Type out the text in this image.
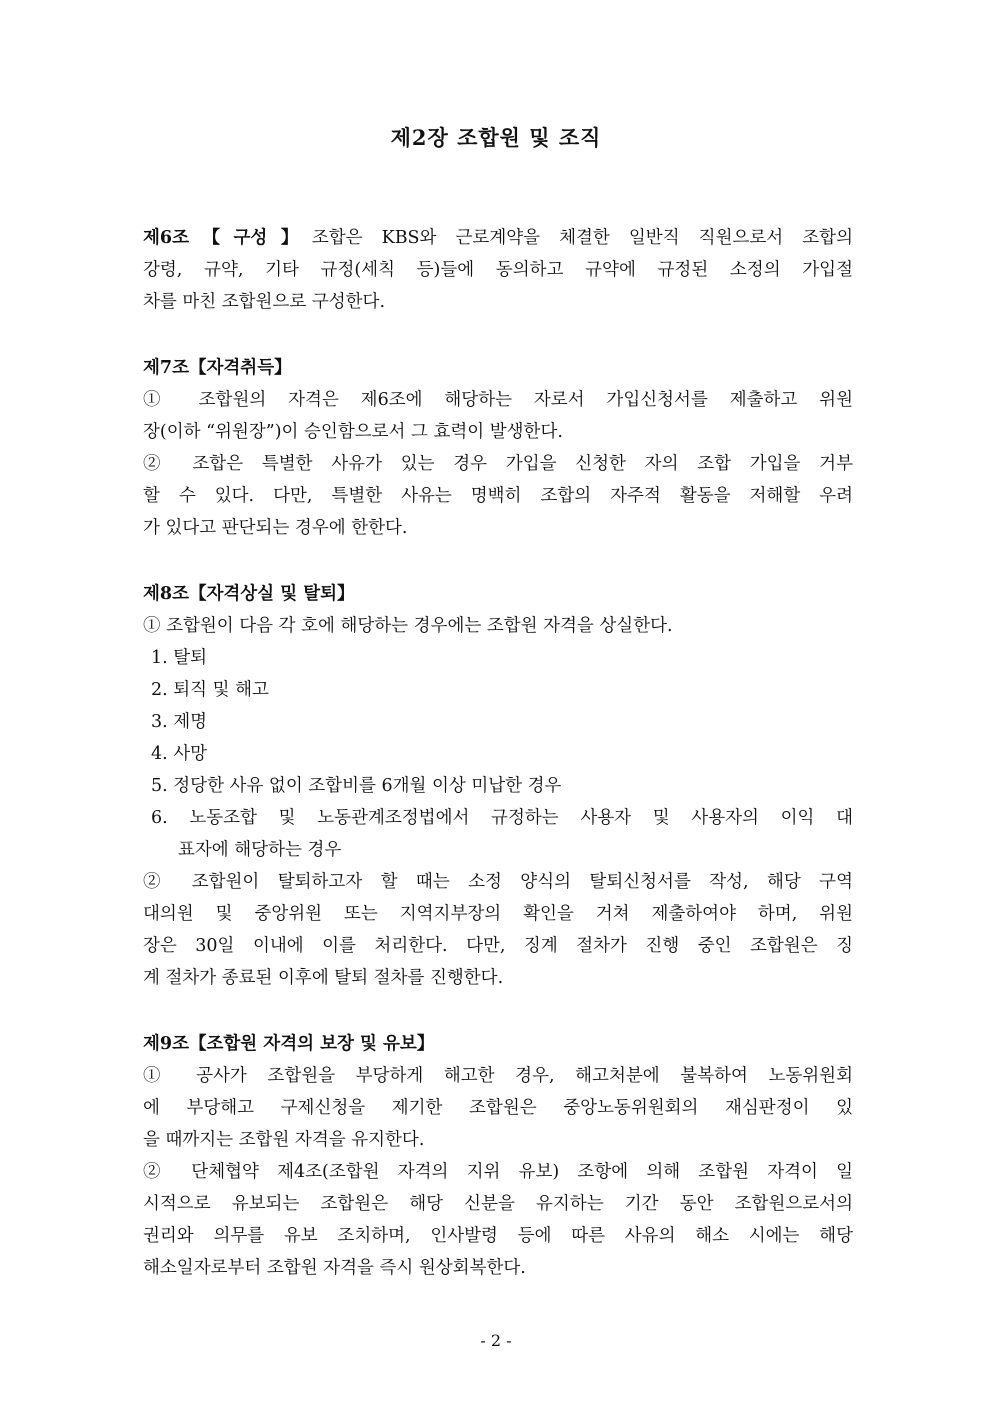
제2장 조합원 및 조직
제6조【구성】조합은 KBS와 근로계약을 체결한 일반직 직원으로서 조합의
강령, 규약, 기타 규정(세칙 등)들에 동의하고 규약에 규정된 소정의 가입절
차를 마친 조합원으로 구성한다.
제7조【자격취득】
① 조합원의 자격은 제6조에 해당하는 자로서 가입신청서를 제출하고 위원
장(이하 “위원장”)이 승인함으로서 그 효력이 발생한다.
② 조합은 특별한 사유가 있는 경우 가입을 신청한 자의 조합 가입을 거부
할 수 있다. 다만, 특별한 사유는 명백히 조합의 자주적 활동을 저해할 우려
가 있다고 판단되는 경우에 한한다.
제8조【자격상실 및 탈퇴】
① 조합원이 다음 각 호에 해당하는 경우에는 조합원 자격을 상실한다.
1. 탈퇴
2. 퇴직 및 해고
3. 제명
4. 사망
5. 정당한 사유 없이 조합비를 6개월 이상 미납한 경우
6. 노동조합 및 노동관계조정법에서 규정하는 사용자 및 사용자의 이익 대
표자에 해당하는 경우
② 조합원이 탈퇴하고자 할 때는 소정 양식의 탈퇴신청서를 작성, 해당 구역
대의원 및 중앙위원 또는 지역지부장의 확인을 거쳐 제출하여야 하며, 위원
장은 30일 이내에 이를 처리한다. 다만, 징계 절차가 진행 중인 조합원은 징
계 절차가 종료된 이후에 탈퇴 절차를 진행한다.
제9조【조합원 자격의 보장 및 유보】
① 공사가 조합원을 부당하게 해고한 경우, 해고처분에 불복하여 노동위원회
에 부당해고 구제신청을 제기한 조합원은 중앙노동위원회의 재심판정이 있
을 때까지는 조합원 자격을 유지한다.
② 단체협약 제4조(조합원 자격의 지위 유보) 조항에 의해 조합원 자격이 일
시적으로 유보되는 조합원은 해당 신분을 유지하는 기간 동안 조합원으로서의
권리와 의무를 유보 조치하며, 인사발령 등에 따른 사유의 해소 시에는 해당
해소일자로부터 조합원 자격을 즉시 원상회복한다.
- 2 -
